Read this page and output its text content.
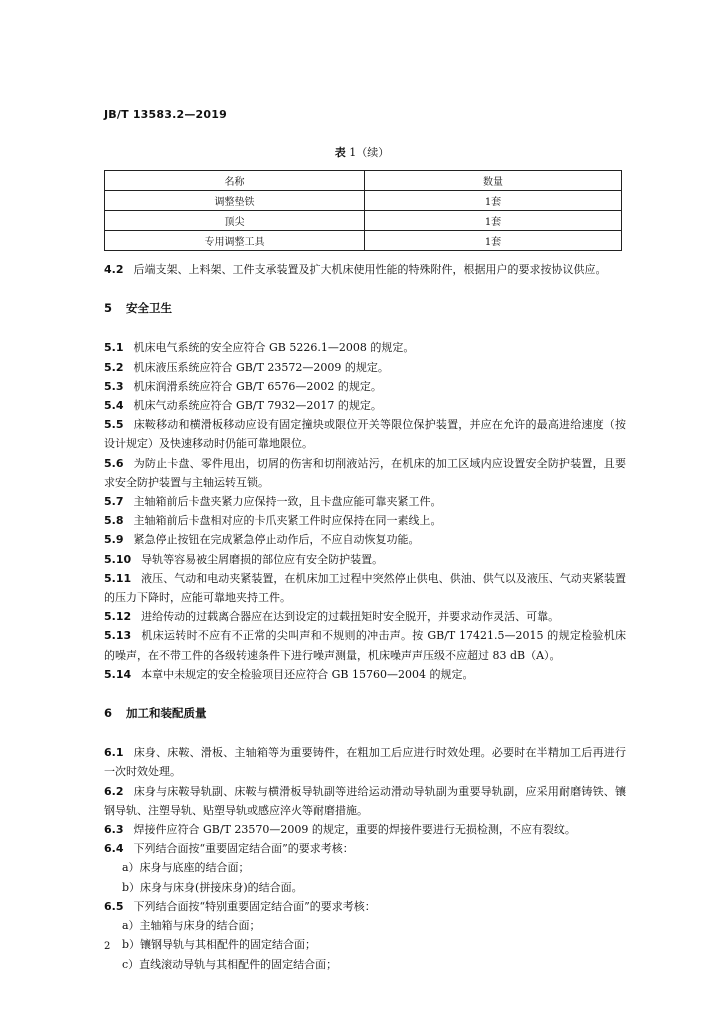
JB/T 13583.2—2019
表 1（续）
名称	数量
调整垫铁	1套
顶尖	1套
专用调整工具	1套

4.2 后端支架、上料架、工件支承装置及扩大机床使用性能的特殊附件，根据用户的要求按协议供应。

5 安全卫生

5.1 机床电气系统的安全应符合 GB 5226.1—2008 的规定。

5.2 机床液压系统应符合 GB/T 23572—2009 的规定。

5.3 机床润滑系统应符合 GB/T 6576—2002 的规定。

5.4 机床气动系统应符合 GB/T 7932—2017 的规定。

5.5 床鞍移动和横滑板移动应设有固定撞块或限位开关等限位保护装置，并应在允许的最高进给速度（按设计规定）及快速移动时仍能可靠地限位。

5.6 为防止卡盘、零件甩出，切屑的伤害和切削液站污，在机床的加工区域内应设置安全防护装置，且要求安全防护装置与主轴运转互锁。

5.7 主轴箱前后卡盘夹紧力应保持一致，且卡盘应能可靠夹紧工件。

5.8 主轴箱前后卡盘相对应的卡爪夹紧工件时应保持在同一素线上。

5.9 紧急停止按钮在完成紧急停止动作后，不应自动恢复功能。

5.10 导轨等容易被尘屑磨损的部位应有安全防护装置。

5.11 液压、气动和电动夹紧装置，在机床加工过程中突然停止供电、供油、供气以及液压、气动夹紧装置的压力下降时，应能可靠地夹持工件。

5.12 进给传动的过载离合器应在达到设定的过载扭矩时安全脱开，并要求动作灵活、可靠。

5.13 机床运转时不应有不正常的尖叫声和不规则的冲击声。按 GB/T 17421.5—2015 的规定检验机床的噪声，在不带工件的各级转速条件下进行噪声测量，机床噪声声压级不应超过 83 dB（A）。

5.14 本章中未规定的安全检验项目还应符合 GB 15760—2004 的规定。

6 加工和装配质量

6.1 床身、床鞍、滑板、主轴箱等为重要铸件，在粗加工后应进行时效处理。必要时在半精加工后再进行一次时效处理。

6.2 床身与床鞍导轨副、床鞍与横滑板导轨副等进给运动滑动导轨副为重要导轨副，应采用耐磨铸铁、镶钢导轨、注塑导轨、贴塑导轨或感应淬火等耐磨措施。

6.3 焊接件应符合 GB/T 23570—2009 的规定，重要的焊接件要进行无损检测，不应有裂纹。

6.4 下列结合面按“重要固定结合面”的要求考核：

a）床身与底座的结合面；

b）床身与床身(拼接床身)的结合面。

6.5 下列结合面按“特别重要固定结合面”的要求考核：

a）主轴箱与床身的结合面；

b）镶钢导轨与其相配件的固定结合面；

c）直线滚动导轨与其相配件的固定结合面；

2
